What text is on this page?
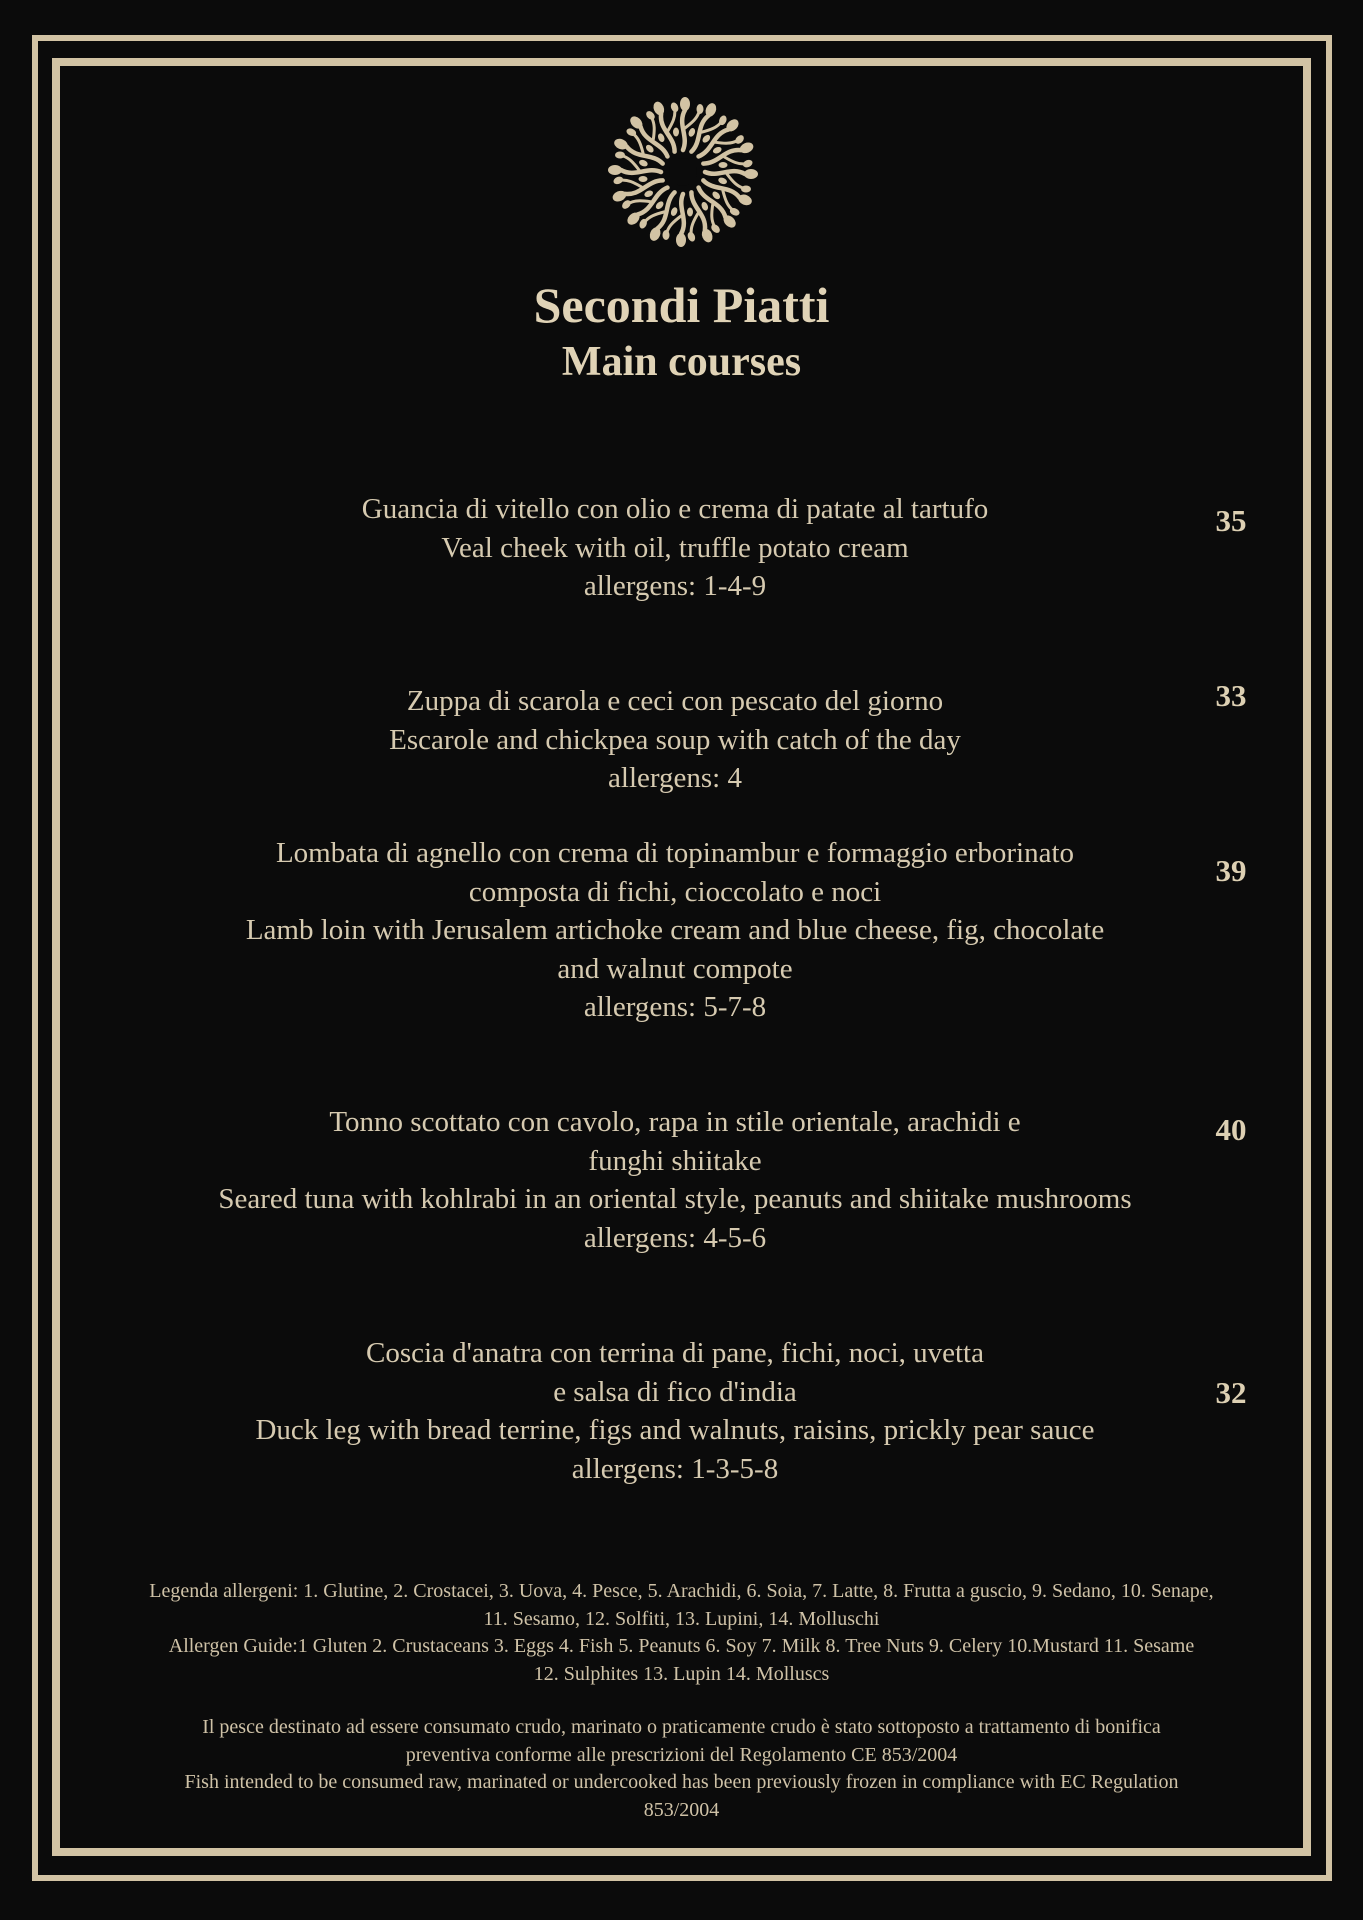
Secondi Piatti
Main courses
Guancia di vitello con olio e crema di patate al tartufo
Veal cheek with oil, truffle potato cream
allergens: 1-4-9
35
Zuppa di scarola e ceci con pescato del giorno
Escarole and chickpea soup with catch of the day
allergens: 4
33
Lombata di agnello con crema di topinambur e formaggio erborinato
composta di fichi, cioccolato e noci
Lamb loin with Jerusalem artichoke cream and blue cheese, fig, chocolate
and walnut compote
allergens: 5-7-8
39
Tonno scottato con cavolo, rapa in stile orientale, arachidi e
funghi shiitake
Seared tuna with kohlrabi in an oriental style, peanuts and shiitake mushrooms
allergens: 4-5-6
40
Coscia d'anatra con terrina di pane, fichi, noci, uvetta
e salsa di fico d'india
Duck leg with bread terrine, figs and walnuts, raisins, prickly pear sauce
allergens: 1-3-5-8
32
Legenda allergeni: 1. Glutine, 2. Crostacei, 3. Uova, 4. Pesce, 5. Arachidi, 6. Soia, 7. Latte, 8. Frutta a guscio, 9. Sedano, 10. Senape,
11. Sesamo, 12. Solfiti, 13. Lupini, 14. Molluschi
Allergen Guide:1 Gluten 2. Crustaceans 3. Eggs 4. Fish 5. Peanuts 6. Soy 7. Milk 8. Tree Nuts 9. Celery 10.Mustard 11. Sesame
12. Sulphites 13. Lupin 14. Molluscs
Il pesce destinato ad essere consumato crudo, marinato o praticamente crudo è stato sottoposto a trattamento di bonifica
preventiva conforme alle prescrizioni del Regolamento CE 853/2004
Fish intended to be consumed raw, marinated or undercooked has been previously frozen in compliance with EC Regulation
853/2004
